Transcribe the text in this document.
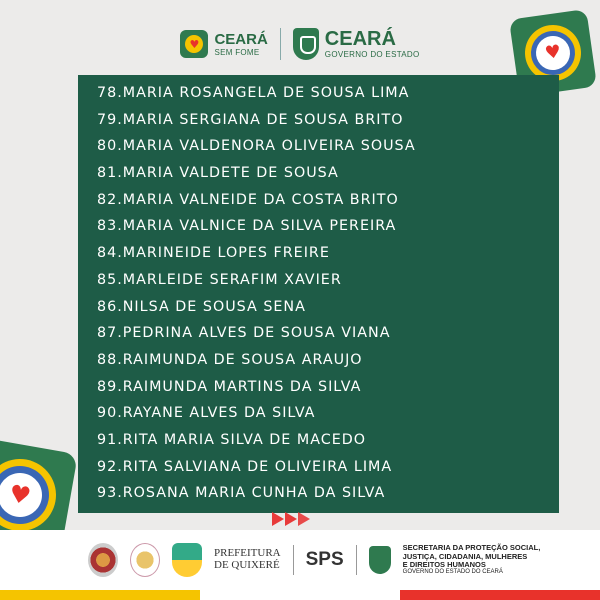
♥
♥
♥ CEARÁ
SEM FOME
CEARÁ
GOVERNO DO ESTADO
78.MARIA ROSANGELA DE SOUSA LIMA
79.MARIA SERGIANA DE SOUSA BRITO
80.MARIA VALDENORA OLIVEIRA SOUSA
81.MARIA VALDETE DE SOUSA
82.MARIA VALNEIDE DA COSTA BRITO
83.MARIA VALNICE DA SILVA PEREIRA
84.MARINEIDE LOPES FREIRE
85.MARLEIDE SERAFIM XAVIER
86.NILSA DE SOUSA SENA
87.PEDRINA ALVES DE SOUSA VIANA
88.RAIMUNDA DE SOUSA ARAUJO
89.RAIMUNDA MARTINS DA SILVA
90.RAYANE ALVES DA SILVA
91.RITA MARIA SILVA DE MACEDO
92.RITA SALVIANA DE OLIVEIRA LIMA
93.ROSANA MARIA CUNHA DA SILVA
PREFEITURA
DE QUIXERÉ SPS
SECRETARIA DA PROTEÇÃO SOCIAL,
JUSTIÇA, CIDADANIA, MULHERES
E DIREITOS HUMANOS
GOVERNO DO ESTADO DO CEARÁ
